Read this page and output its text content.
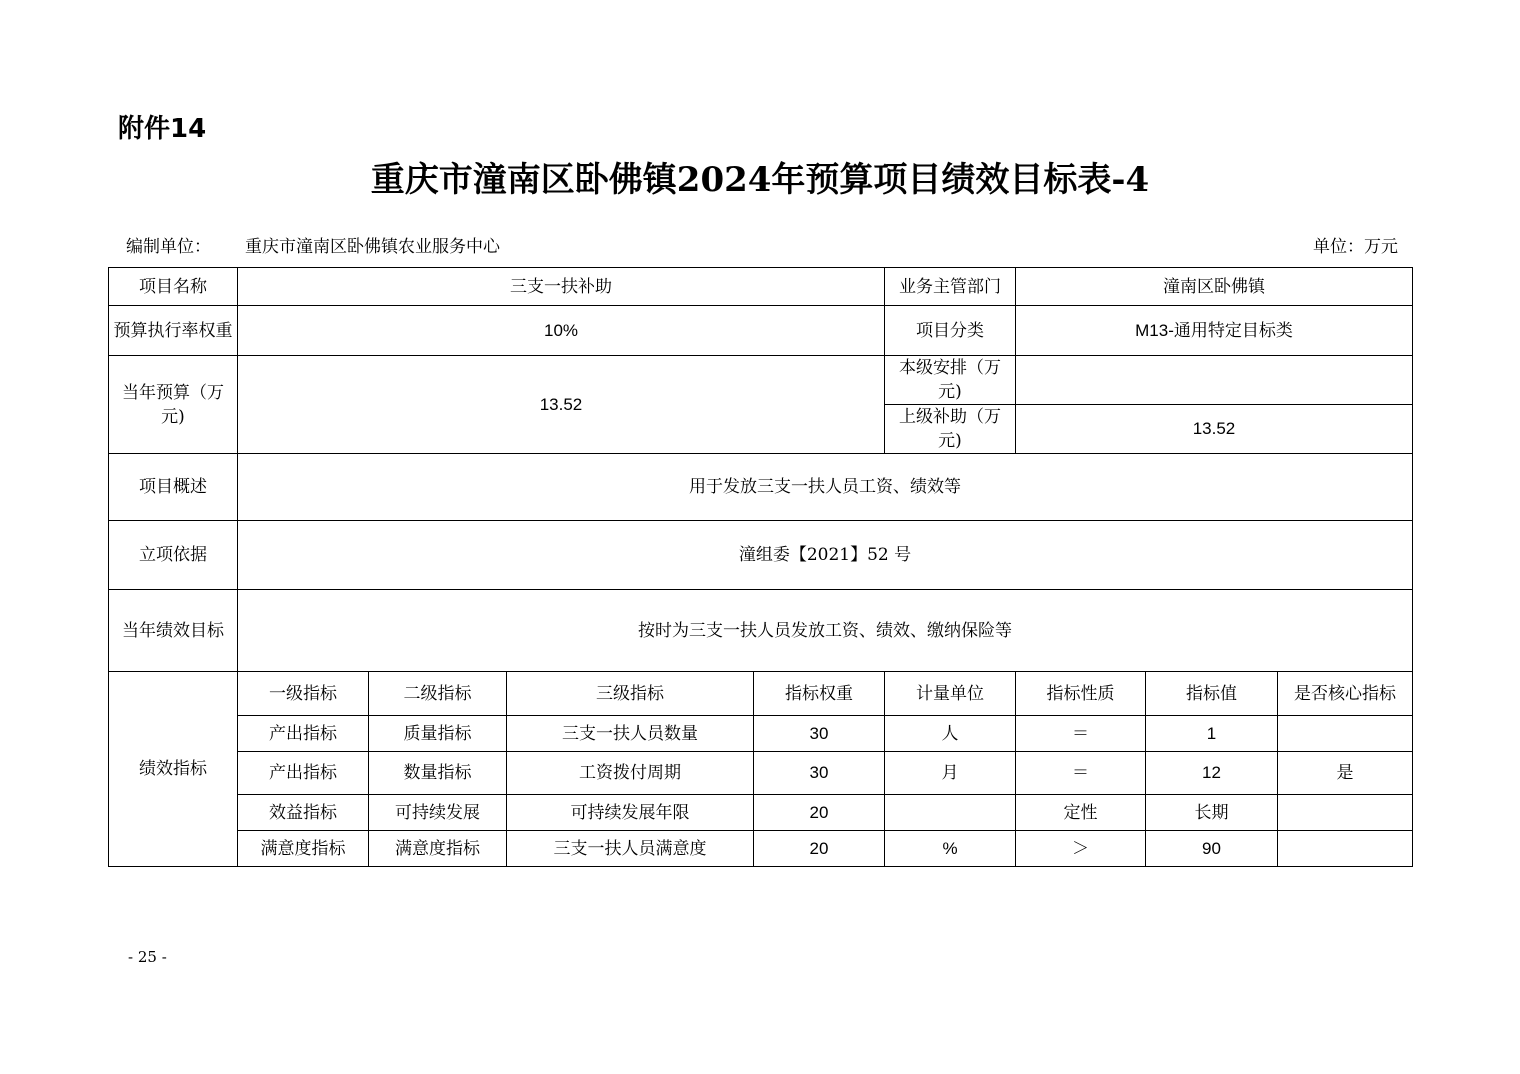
附件14
重庆市潼南区卧佛镇2024年预算项目绩效目标表-4
编制单位： 重庆市潼南区卧佛镇农业服务中心	单位：万元
项目名称	三支一扶补助				业务主管部门	潼南区卧佛镇		
预算执行率权重	10%				项目分类	M13-通用特定目标类		
当年预算（万元)	13.52				本级安排（万元)			
					上级补助（万元)	13.52		
项目概述	用于发放三支一扶人员工资、绩效等							
立项依据	潼组委【2021】52 号							
当年绩效目标	按时为三支一扶人员发放工资、绩效、缴纳保险等							
绩效指标	一级指标	二级指标	三级指标	指标权重	计量单位	指标性质	指标值	是否核心指标
	产出指标	质量指标	三支一扶人员数量	30	人	＝	1	
	产出指标	数量指标	工资拨付周期	30	月	＝	12	是
	效益指标	可持续发展	可持续发展年限	20		定性	长期	
	满意度指标	满意度指标	三支一扶人员满意度	20	%	＞	90	
- 25 -
